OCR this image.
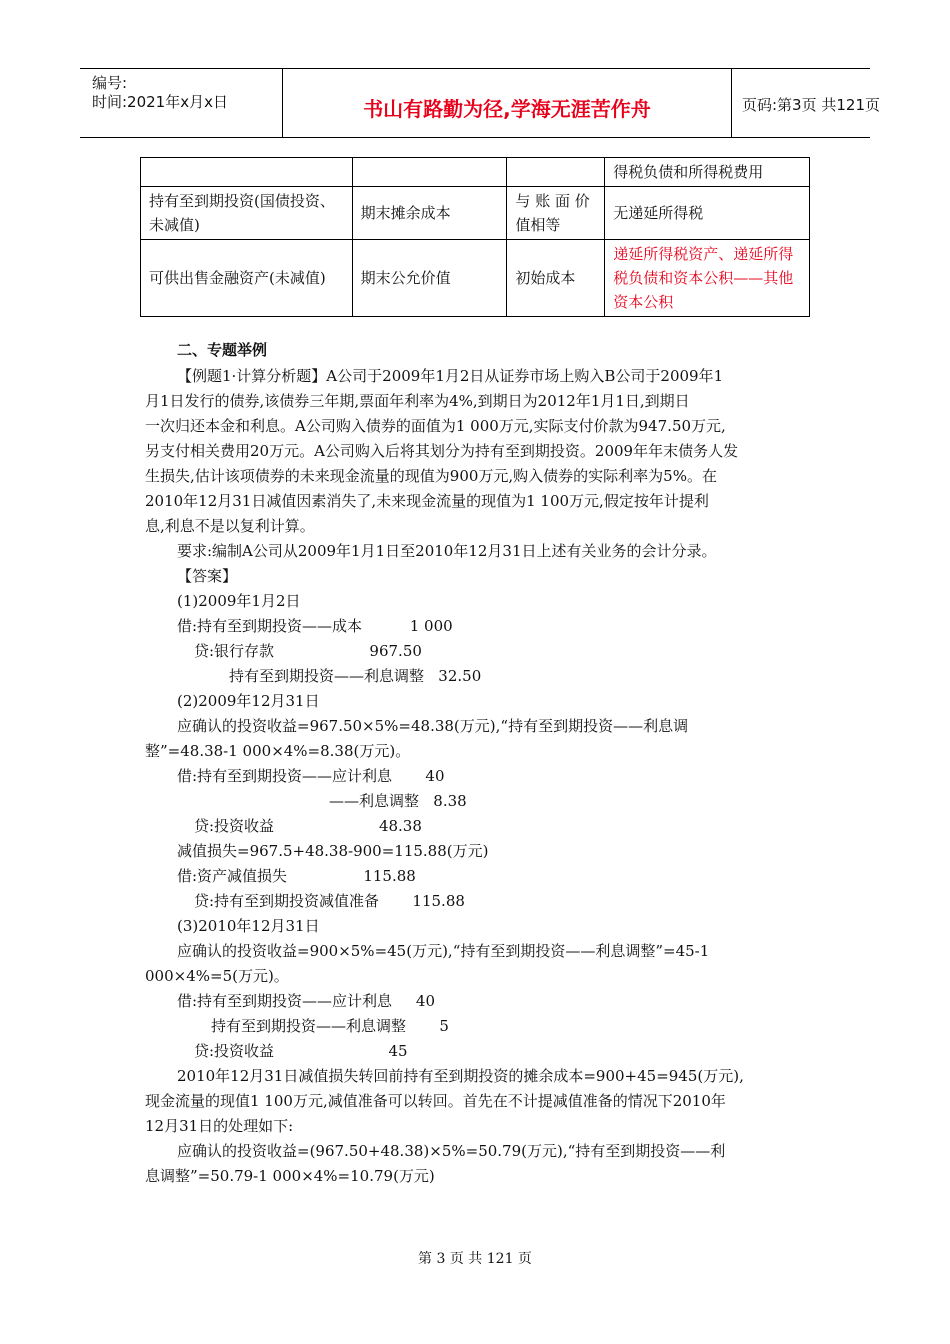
编号:
时间:2021年x月x日	书山有路勤为径,学海无涯苦作舟	页码:第3页 共121页
			得税负债和所得税费用
持有至到期投资(国债投资、未减值)	期末摊余成本	与 账 面 价值相等	无递延所得税
可供出售金融资产(未减值)	期末公允价值	初始成本	递延所得税资产、递延所得税负债和资本公积——其他资本公积
二、专题举例
【例题1·计算分析题】A公司于2009年1月2日从证券市场上购入B公司于2009年1
月1日发行的债券,该债券三年期,票面年利率为4%,到期日为2012年1月1日,到期日
一次归还本金和利息。A公司购入债券的面值为1 000万元,实际支付价款为947.50万元,
另支付相关费用20万元。A公司购入后将其划分为持有至到期投资。2009年年末债务人发
生损失,估计该项债券的未来现金流量的现值为900万元,购入债券的实际利率为5%。在
2010年12月31日减值因素消失了,未来现金流量的现值为1 100万元,假定按年计提利
息,利息不是以复利计算。
要求:编制A公司从2009年1月1日至2010年12月31日上述有关业务的会计分录。
【答案】
(1)2009年1月2日
借:持有至到期投资——成本          1 000
贷:银行存款                    967.50
持有至到期投资——利息调整   32.50
(2)2009年12月31日
应确认的投资收益=967.50×5%=48.38(万元),“持有至到期投资——利息调
整”=48.38-1 000×4%=8.38(万元)。
借:持有至到期投资——应计利息       40
——利息调整   8.38
贷:投资收益                      48.38
减值损失=967.5+48.38-900=115.88(万元)
借:资产减值损失                115.88
贷:持有至到期投资减值准备       115.88
(3)2010年12月31日
应确认的投资收益=900×5%=45(万元),“持有至到期投资——利息调整”=45-1
000×4%=5(万元)。
借:持有至到期投资——应计利息     40
持有至到期投资——利息调整       5
贷:投资收益                        45
2010年12月31日减值损失转回前持有至到期投资的摊余成本=900+45=945(万元),
现金流量的现值1 100万元,减值准备可以转回。首先在不计提减值准备的情况下2010年
12月31日的处理如下:
应确认的投资收益=(967.50+48.38)×5%=50.79(万元),“持有至到期投资——利
息调整”=50.79-1 000×4%=10.79(万元)
第 3 页 共 121 页
